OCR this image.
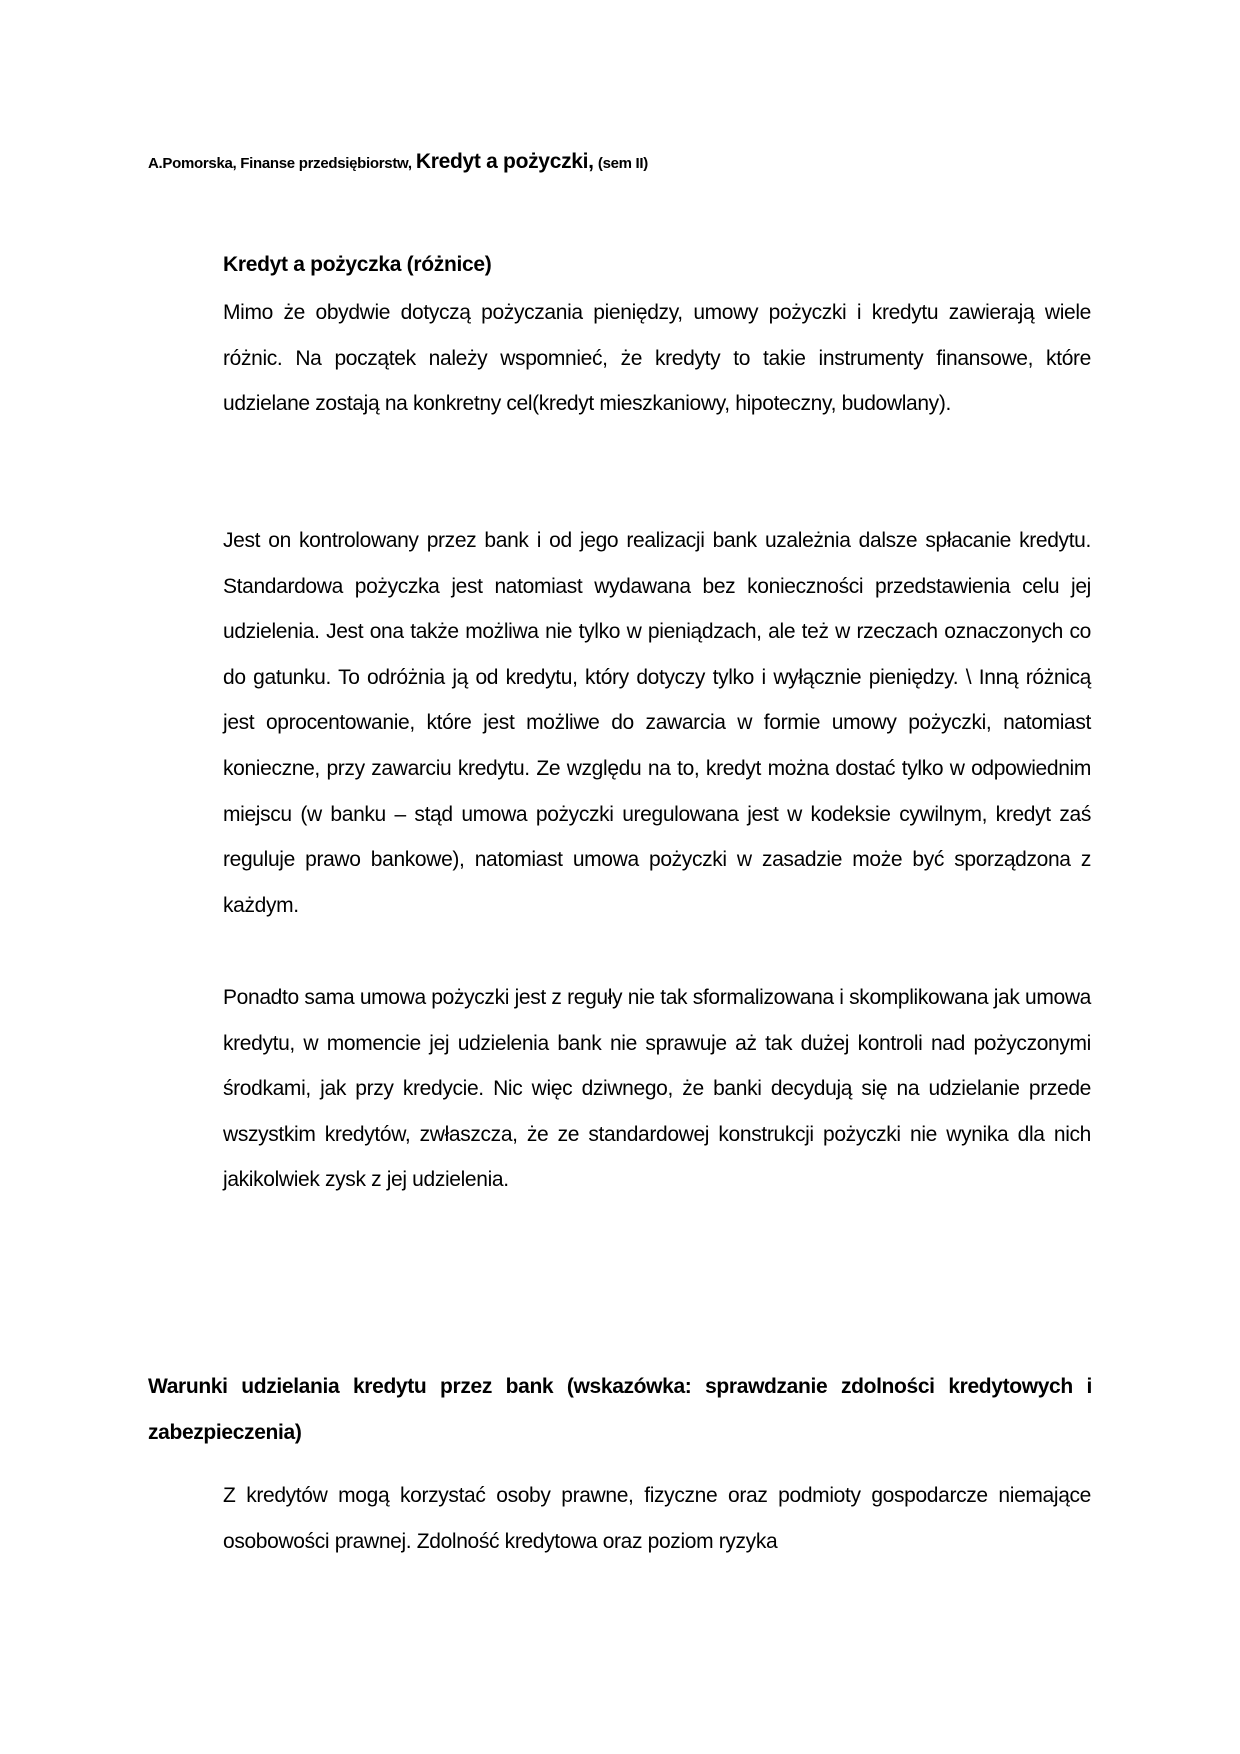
A.Pomorska, Finanse przedsiębiorstw, Kredyt a pożyczki, (sem II)
Kredyt a pożyczka (różnice)

Mimo że obydwie dotyczą pożyczania pieniędzy, umowy pożyczki i kredytu zawierają wiele różnic. Na początek należy wspomnieć, że kredyty to takie instrumenty finansowe, które udzielane zostają na konkretny cel(kredyt mieszkaniowy, hipoteczny, budowlany).

Jest on kontrolowany przez bank i od jego realizacji bank uzależnia dalsze spłacanie kredytu. Standardowa pożyczka jest natomiast wydawana bez konieczności przedstawienia celu jej udzielenia. Jest ona także możliwa nie tylko w pieniądzach, ale też w rzeczach oznaczonych co do gatunku. To odróżnia ją od kredytu, który dotyczy tylko i wyłącznie pieniędzy. \ Inną różnicą jest oprocentowanie, które jest możliwe do zawarcia w formie umowy pożyczki, natomiast konieczne, przy zawarciu kredytu. Ze względu na to, kredyt można dostać tylko w odpowiednim miejscu (w banku – stąd umowa pożyczki uregulowana jest w kodeksie cywilnym, kredyt zaś reguluje prawo bankowe), natomiast umowa pożyczki w zasadzie może być sporządzona z każdym.

Ponadto sama umowa pożyczki jest z reguły nie tak sformalizowana i skomplikowana jak umowa kredytu, w momencie jej udzielenia bank nie sprawuje aż tak dużej kontroli nad pożyczonymi środkami, jak przy kredycie. Nic więc dziwnego, że banki decydują się na udzielanie przede wszystkim kredytów, zwłaszcza, że ze standardowej konstrukcji pożyczki nie wynika dla nich jakikolwiek zysk z jej udzielenia.

Warunki udzielania kredytu przez bank (wskazówka: sprawdzanie zdolności kredytowych i zabezpieczenia)

Z kredytów mogą korzystać osoby prawne, fizyczne oraz podmioty gospodarcze niemające osobowości prawnej. Zdolność kredytowa oraz poziom ryzyka
